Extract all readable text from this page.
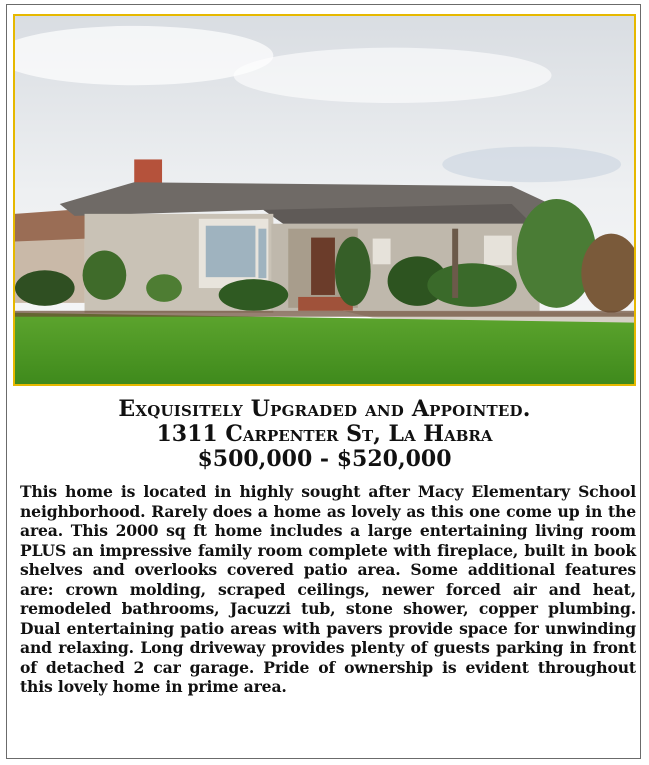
Exquisitely Upgraded and Appointed.
1311 Carpenter St, La Habra
$500,000 - $520,000

This home is located in highly sought after Macy Elementary School neighborhood. Rarely does a home as lovely as this one come up in the area. This 2000 sq ft home includes a large entertaining living room PLUS an impressive family room complete with fireplace, built in book shelves and overlooks covered patio area. Some additional features are: crown molding, scraped ceilings, newer forced air and heat, remodeled bathrooms, Jacuzzi tub, stone shower, copper plumbing. Dual entertaining patio areas with pavers provide space for unwinding and relaxing. Long driveway provides plenty of guests parking in front of detached 2 car garage. Pride of ownership is evident throughout this lovely home in prime area.
